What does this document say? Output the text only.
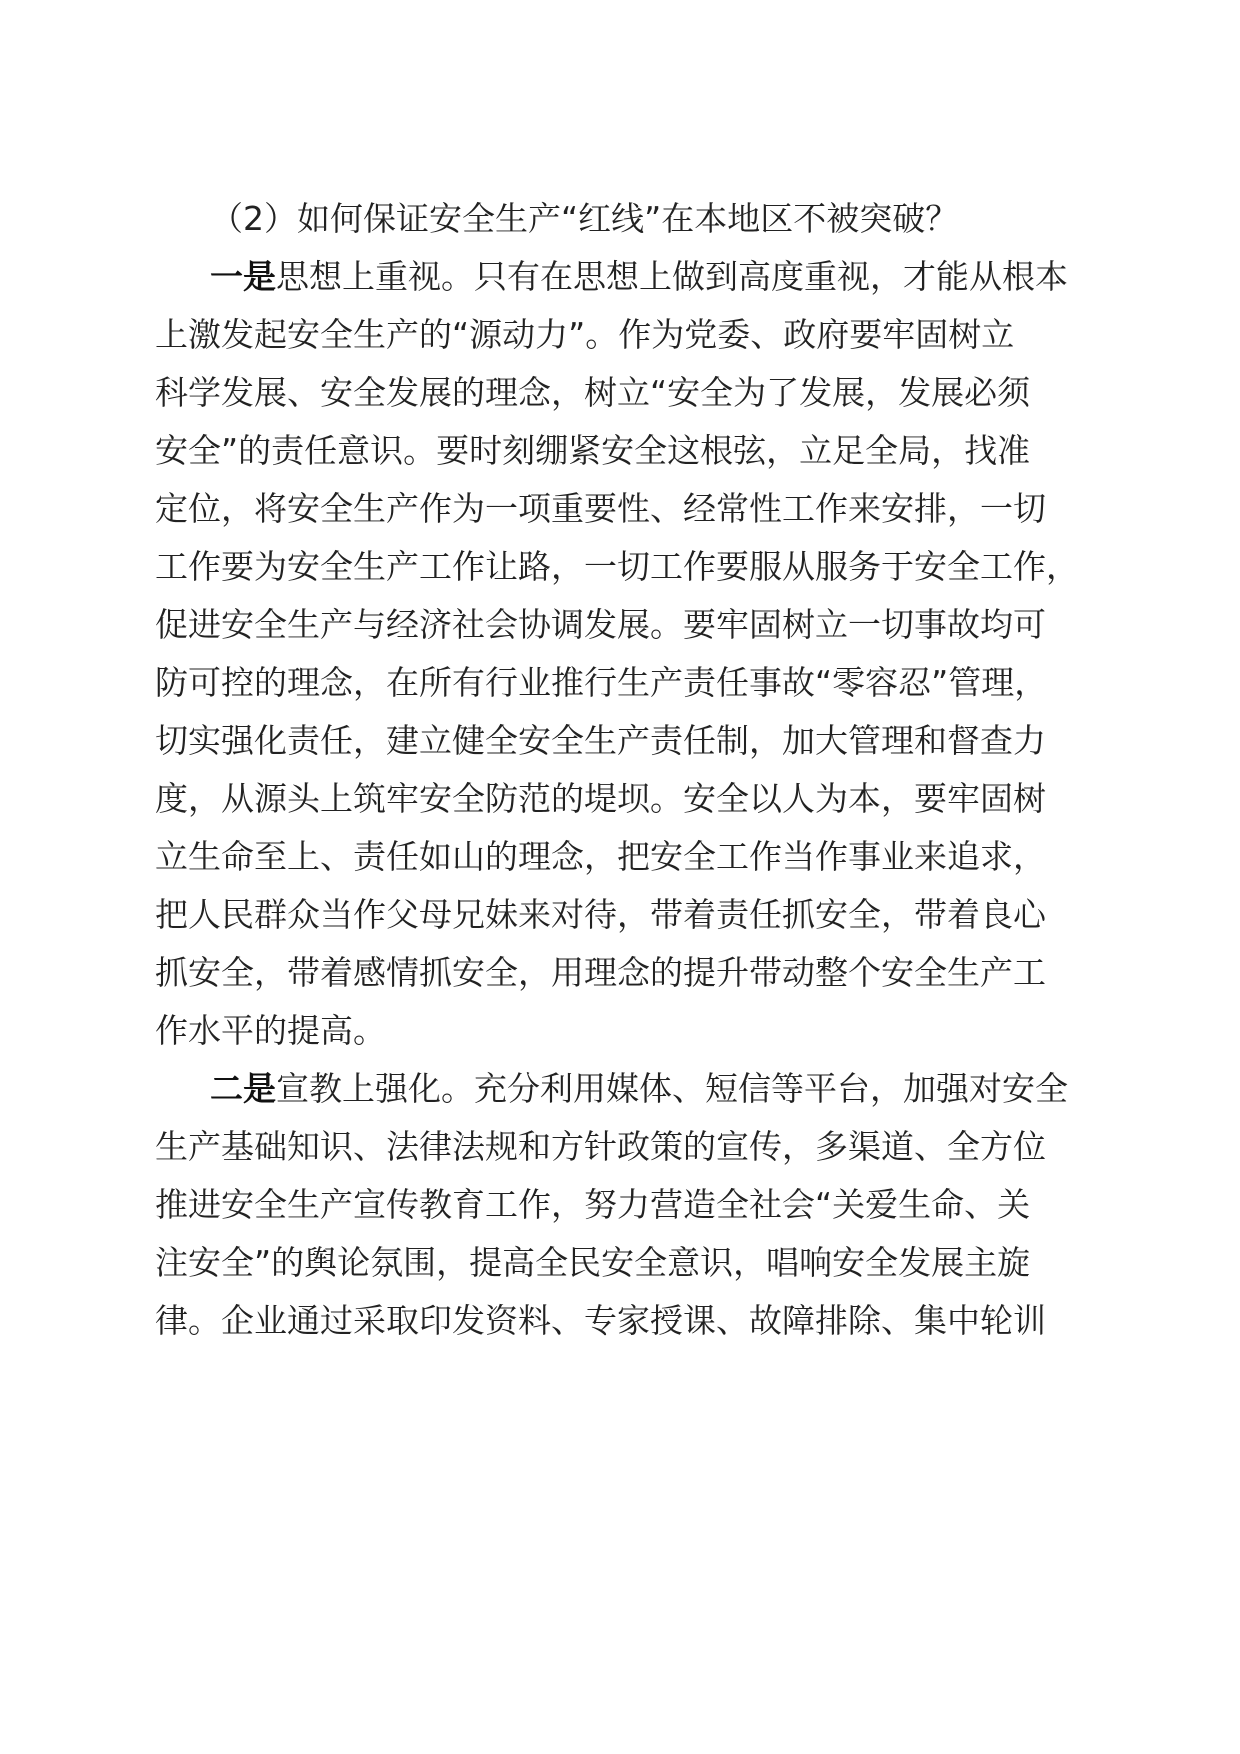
（2）如何保证安全生产“红线”在本地区不被突破？
一是思想上重视。只有在思想上做到高度重视，才能从根本
上激发起安全生产的“源动力”。作为党委、政府要牢固树立
科学发展、安全发展的理念，树立“安全为了发展，发展必须
安全”的责任意识。要时刻绷紧安全这根弦，立足全局，找准
定位，将安全生产作为一项重要性、经常性工作来安排，一切
工作要为安全生产工作让路，一切工作要服从服务于安全工作，
促进安全生产与经济社会协调发展。要牢固树立一切事故均可
防可控的理念，在所有行业推行生产责任事故“零容忍”管理，
切实强化责任，建立健全安全生产责任制，加大管理和督查力
度，从源头上筑牢安全防范的堤坝。安全以人为本，要牢固树
立生命至上、责任如山的理念，把安全工作当作事业来追求，
把人民群众当作父母兄妹来对待，带着责任抓安全，带着良心
抓安全，带着感情抓安全，用理念的提升带动整个安全生产工
作水平的提高。
二是宣教上强化。充分利用媒体、短信等平台，加强对安全
生产基础知识、法律法规和方针政策的宣传，多渠道、全方位
推进安全生产宣传教育工作，努力营造全社会“关爱生命、关
注安全”的舆论氛围，提高全民安全意识，唱响安全发展主旋
律。企业通过采取印发资料、专家授课、故障排除、集中轮训
